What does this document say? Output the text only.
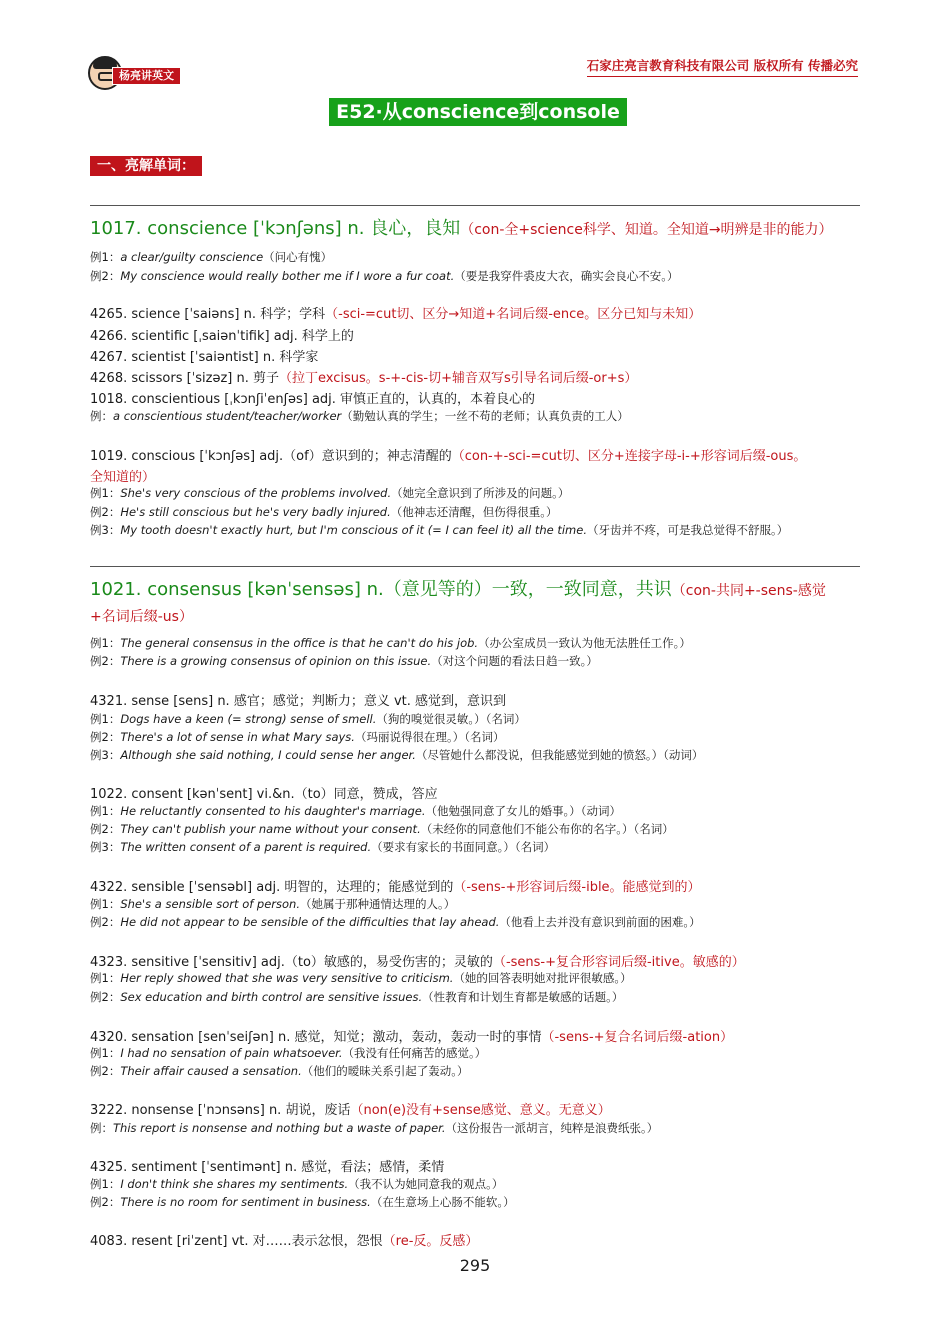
杨亮讲英文
石家庄亮言教育科技有限公司 版权所有 传播必究
E52·从conscience到console
一、亮解单词：
1017. conscience [ˈkɔnʃəns] n. 良心，良知（con-全+science科学、知道。全知道→明辨是非的能力）
例1：a clear/guilty conscience（问心有愧）
例2：My conscience would really bother me if I wore a fur coat.（要是我穿件裘皮大衣，确实会良心不安。）
4265. science [ˈsaiəns] n. 科学；学科（-sci-=cut切、区分→知道+名词后缀-ence。区分已知与未知）
4266. scientific [ˌsaiənˈtifik] adj. 科学上的
4267. scientist [ˈsaiəntist] n. 科学家
4268. scissors [ˈsizəz] n. 剪子（拉丁excisus。s-+-cis-切+辅音双写s引导名词后缀-or+s）
1018. conscientious [ˌkɔnʃiˈenʃəs] adj. 审慎正直的，认真的，本着良心的
例：a conscientious student/teacher/worker（勤勉认真的学生；一丝不苟的老师；认真负责的工人）
1019. conscious [ˈkɔnʃəs] adj.（of）意识到的；神志清醒的（con-+-sci-=cut切、区分+连接字母-i-+形容词后缀-ous。
全知道的）
例1：She's very conscious of the problems involved.（她完全意识到了所涉及的问题。）
例2：He's still conscious but he's very badly injured.（他神志还清醒，但伤得很重。）
例3：My tooth doesn't exactly hurt, but I'm conscious of it (= I can feel it) all the time.（牙齿并不疼，可是我总觉得不舒服。）
1021. consensus [kənˈsensəs] n.（意见等的）一致，一致同意，共识（con-共同+-sens-感觉
+名词后缀-us）
例1：The general consensus in the office is that he can't do his job.（办公室成员一致认为他无法胜任工作。）
例2：There is a growing consensus of opinion on this issue.（对这个问题的看法日趋一致。）
4321. sense [sens] n. 感官；感觉；判断力；意义 vt. 感觉到，意识到
例1：Dogs have a keen (= strong) sense of smell.（狗的嗅觉很灵敏。）（名词）
例2：There's a lot of sense in what Mary says.（玛丽说得很在理。）（名词）
例3：Although she said nothing, I could sense her anger.（尽管她什么都没说，但我能感觉到她的愤怒。）（动词）
1022. consent [kənˈsent] vi.&n.（to）同意，赞成，答应
例1：He reluctantly consented to his daughter's marriage.（他勉强同意了女儿的婚事。）（动词）
例2：They can't publish your name without your consent.（未经你的同意他们不能公布你的名字。）（名词）
例3：The written consent of a parent is required.（要求有家长的书面同意。）（名词）
4322. sensible [ˈsensəbl] adj. 明智的，达理的；能感觉到的（-sens-+形容词后缀-ible。能感觉到的）
例1：She's a sensible sort of person.（她属于那种通情达理的人。）
例2：He did not appear to be sensible of the difficulties that lay ahead.（他看上去并没有意识到前面的困难。）
4323. sensitive [ˈsensitiv] adj.（to）敏感的，易受伤害的；灵敏的（-sens-+复合形容词后缀-itive。敏感的）
例1：Her reply showed that she was very sensitive to criticism.（她的回答表明她对批评很敏感。）
例2：Sex education and birth control are sensitive issues.（性教育和计划生育都是敏感的话题。）
4320. sensation [senˈseiʃən] n. 感觉，知觉；激动，轰动，轰动一时的事情（-sens-+复合名词后缀-ation）
例1：I had no sensation of pain whatsoever.（我没有任何痛苦的感觉。）
例2：Their affair caused a sensation.（他们的暧昧关系引起了轰动。）
3222. nonsense [ˈnɔnsəns] n. 胡说，废话（non(e)没有+sense感觉、意义。无意义）
例：This report is nonsense and nothing but a waste of paper.（这份报告一派胡言，纯粹是浪费纸张。）
4325. sentiment [ˈsentimənt] n. 感觉，看法；感情，柔情
例1：I don't think she shares my sentiments.（我不认为她同意我的观点。）
例2：There is no room for sentiment in business.（在生意场上心肠不能软。）
4083. resent [riˈzent] vt. 对……表示忿恨，怨恨（re-反。反感）
295
